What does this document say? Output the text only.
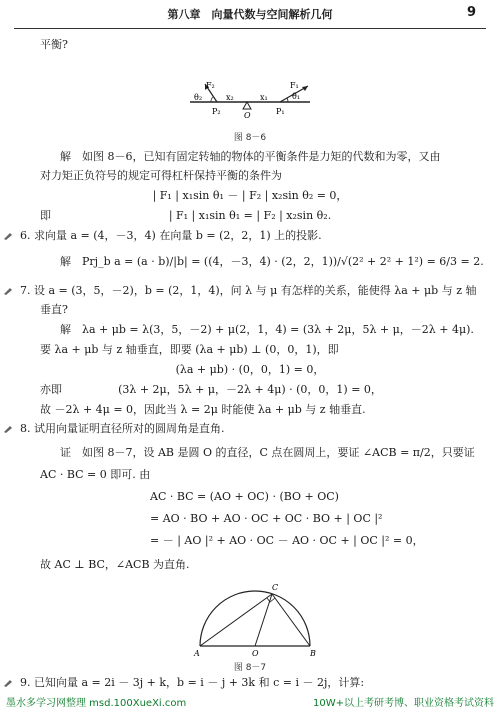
第八章　向量代数与空间解析几何	9
平衡?
F₂	F₁
θ₂	θ₁
x₂	x₁
O
P₂	P₁
图 8－6
解　如图 8－6，已知有固定转轴的物体的平衡条件是力矩的代数和为零，又由
对力矩正负符号的规定可得杠杆保持平衡的条件为
| F₁ | x₁sin θ₁ － | F₂ | x₂sin θ₂ = 0，
即	| F₁ | x₁sin θ₁ = | F₂ | x₂sin θ₂.
6. 求向量 a = (4，－3，4) 在向量 b = (2，2，1) 上的投影.
解　Prj_b a = (a · b)/|b| = ((4，－3，4) · (2，2，1))/√(2² + 2² + 1²) = 6/3 = 2.
7. 设 a = (3，5，－2)，b = (2，1，4)，问 λ 与 μ 有怎样的关系，能使得 λa + μb 与 z 轴
垂直?
解　λa + μb = λ(3，5，－2) + μ(2，1，4) = (3λ + 2μ，5λ + μ，－2λ + 4μ).
要 λa + μb 与 z 轴垂直，即要 (λa + μb) ⊥ (0，0，1)，即
(λa + μb) · (0，0，1) = 0，
亦即	(3λ + 2μ，5λ + μ，－2λ + 4μ) · (0，0，1) = 0，
故 －2λ + 4μ = 0，因此当 λ = 2μ 时能使 λa + μb 与 z 轴垂直.
8. 试用向量证明直径所对的圆周角是直角.
证　如图 8－7，设 AB 是圆 O 的直径，C 点在圆周上，要证 ∠ACB = π/2，只要证
AC · BC = 0 即可. 由
AC · BC = (AO + OC) · (BO + OC)
= AO · BO + AO · OC + OC · BO + | OC |²
= － | AO |² + AO · OC － AO · OC + | OC |² = 0，
故 AC ⊥ BC，∠ACB 为直角.
A	O	B
C
图 8－7
9. 已知向量 a = 2i － 3j + k，b = i － j + 3k 和 c = i － 2j，计算:
墨水多学习网整理 msd.100XueXi.com	10W+以上考研考博、职业资格考试资料
